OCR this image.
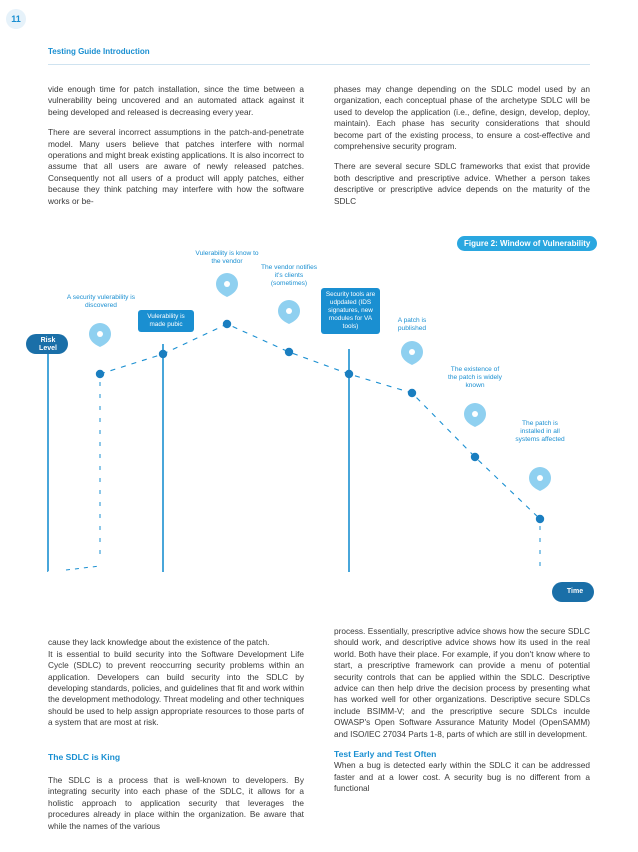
11
Testing Guide Introduction

vide enough time for patch installation, since the time between a vulnerability being uncovered and an automated attack against it being developed and released is decreasing every year.

There are several incorrect assumptions in the patch-and-penetrate model. Many users believe that patches interfere with normal operations and might break existing applications. It is also incorrect to assume that all users are aware of newly released patches. Consequently not all users of a product will apply patches, either because they think patching may interfere with how the software works or be-

phases may change depending on the SDLC model used by an organization, each conceptual phase of the archetype SDLC will be used to develop the application (i.e., define, design, develop, deploy, maintain). Each phase has security considerations that should become part of the existing process, to ensure a cost-effective and comprehensive security program.

There are several secure SDLC frameworks that exist that provide both descriptive and prescriptive advice. Whether a person takes descriptive or prescriptive advice depends on the maturity of the SDLC

Figure 2: Window of Vulnerability
Risk Level
Time
A security vulerability is discovered
Vulerability is made pubic
Vulerability is know to the vendor
The vendor notifies it's clients (sometimes)
Security tools are udpdated (IDS signatures, new modules for VA tools)
A patch is published
The existence of the patch is widely known
The patch is installed in all systems affected

cause they lack knowledge about the existence of the patch.
It is essential to build security into the Software Development Life Cycle (SDLC) to prevent reoccurring security problems within an application. Developers can build security into the SDLC by developing standards, policies, and guidelines that fit and work within the development methodology. Threat modeling and other techniques should be used to help assign appropriate resources to those parts of a system that are most at risk.

The SDLC is King

The SDLC is a process that is well-known to developers. By integrating security into each phase of the SDLC, it allows for a holistic approach to application security that leverages the procedures already in place within the organization. Be aware that while the names of the various

process. Essentially, prescriptive advice shows how the secure SDLC should work, and descriptive advice shows how its used in the real world. Both have their place. For example, if you don't know where to start, a prescriptive framework can provide a menu of potential security controls that can be applied within the SDLC. Descriptive advice can then help drive the decision process by presenting what has worked well for other organizations. Descriptive secure SDLCs include BSIMM-V; and the prescriptive secure SDLCs inculde OWASP's Open Software Assurance Maturity Model (OpenSAMM) and ISO/IEC 27034 Parts 1-8, parts of which are still in development.

Test Early and Test Often

When a bug is detected early within the SDLC it can be addressed faster and at a lower cost. A security bug is no different from a functional
